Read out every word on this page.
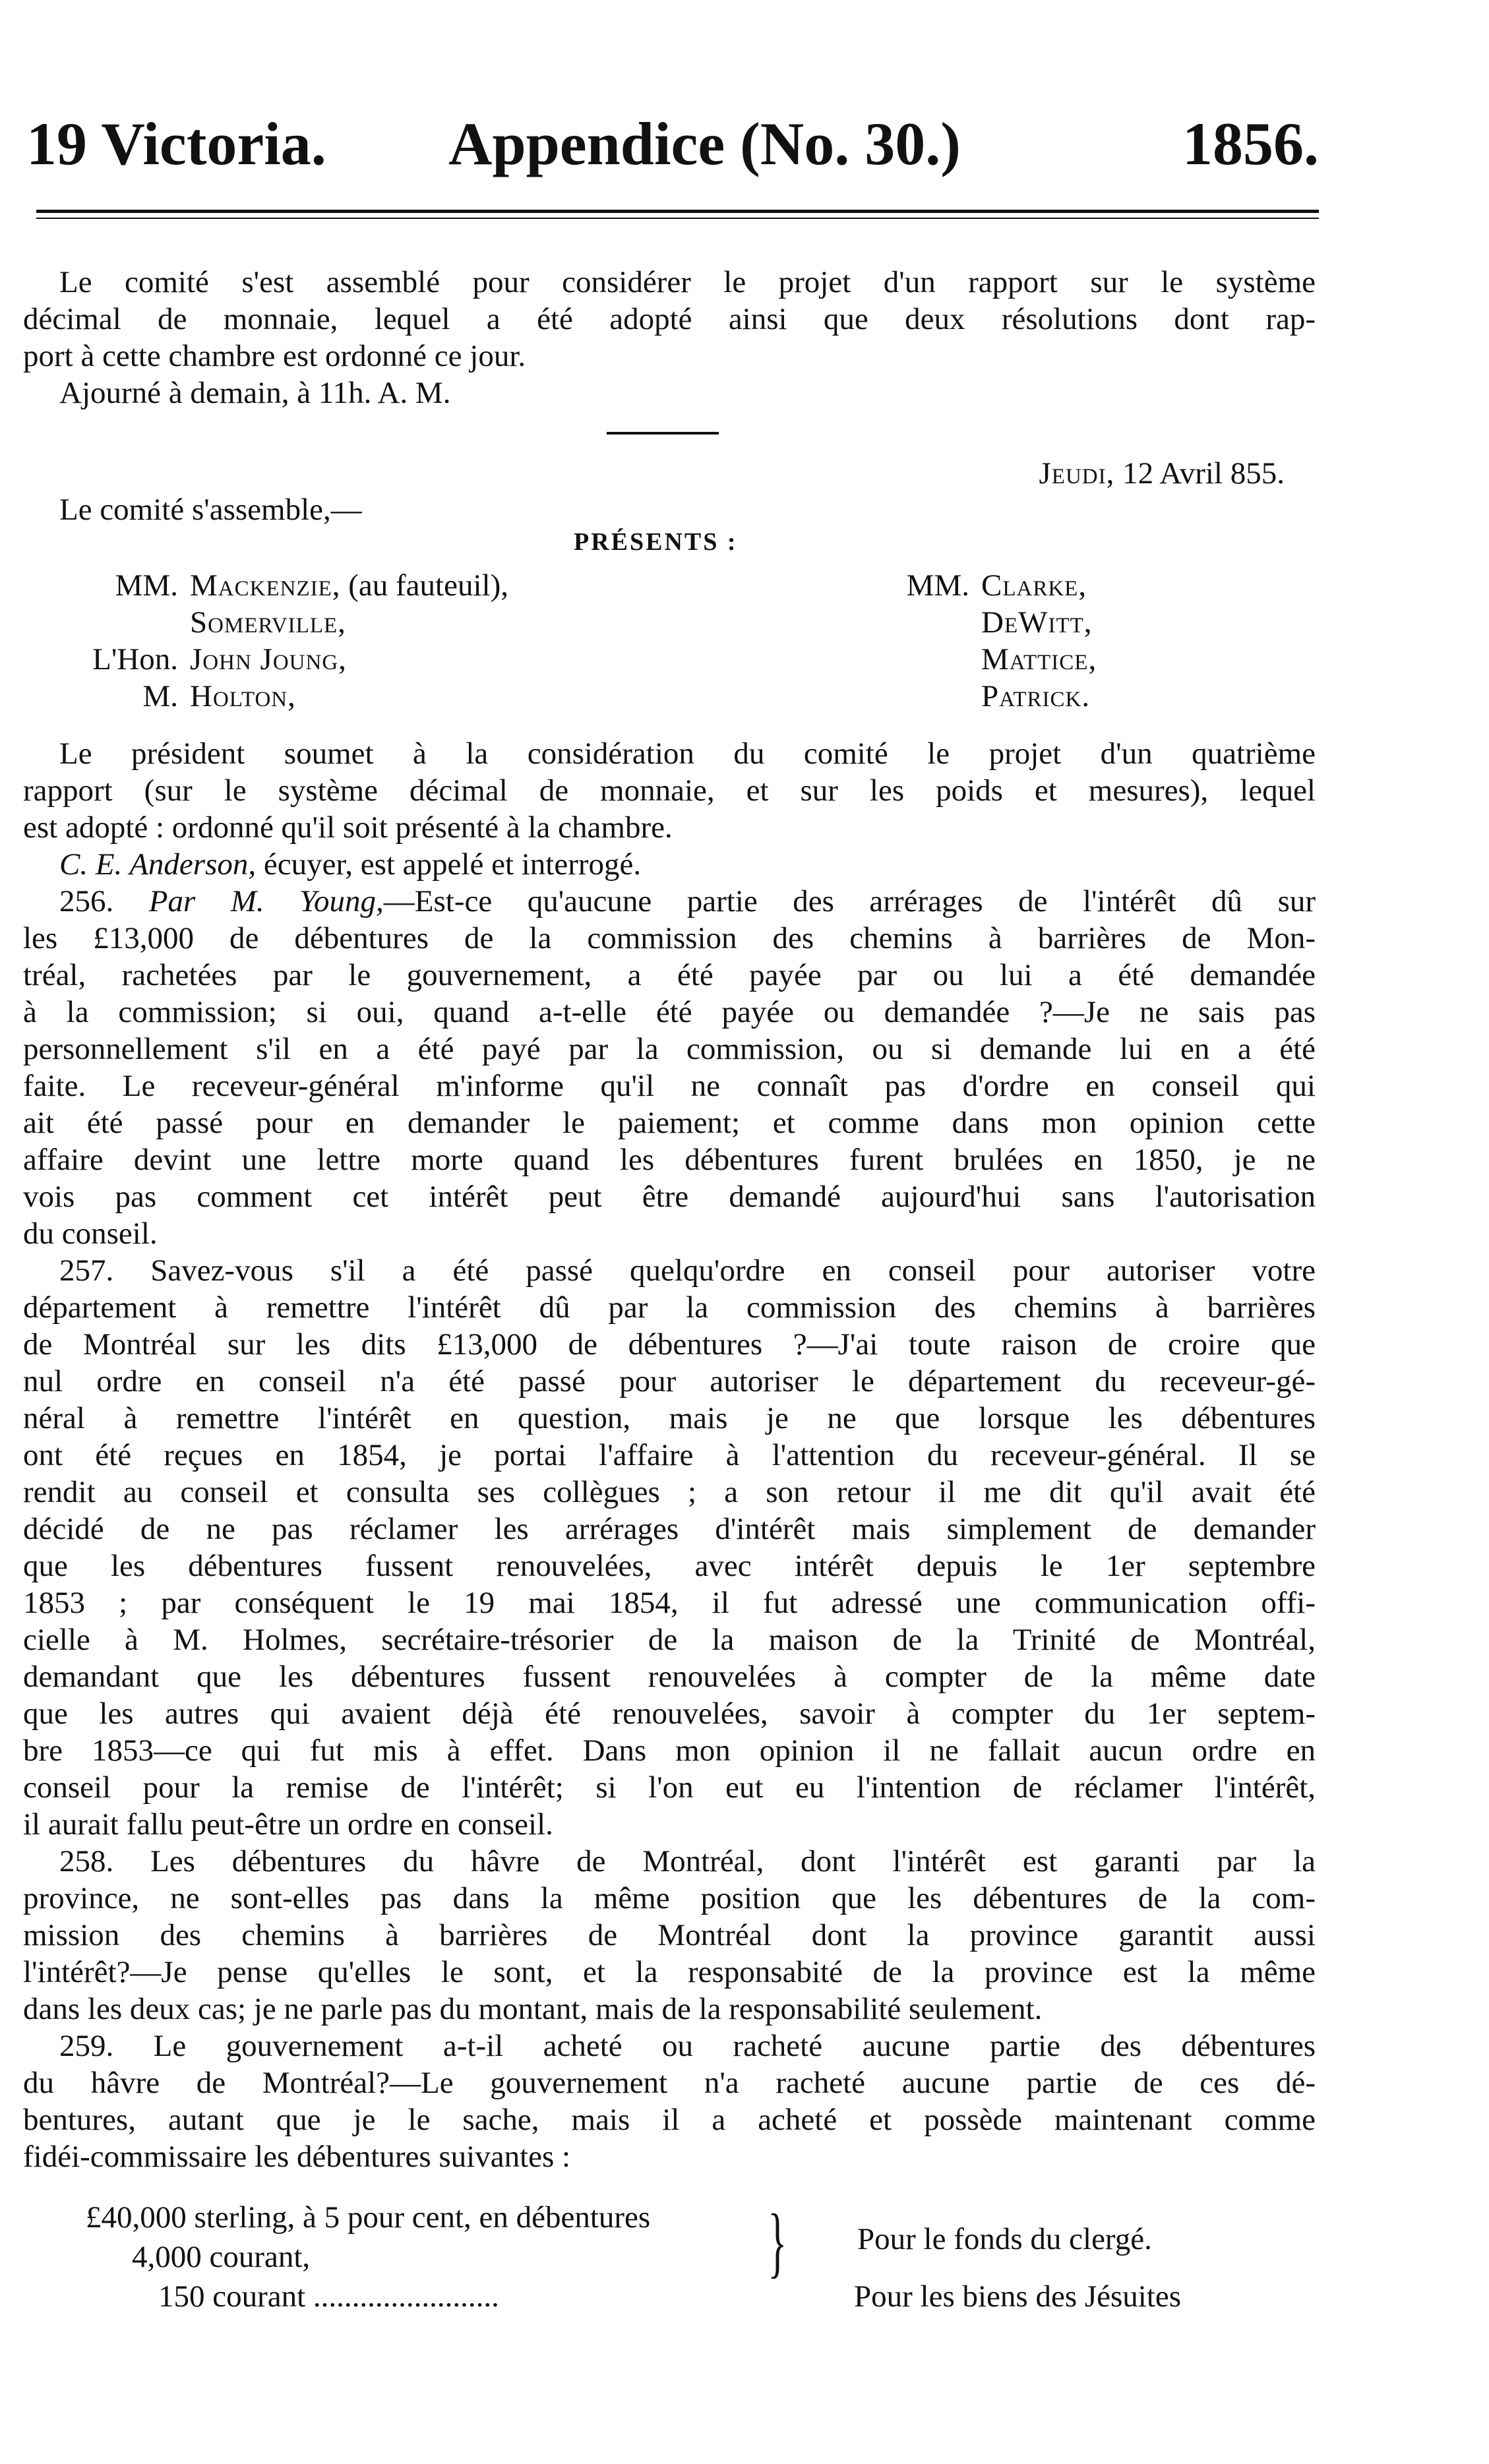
19 Victoria. Appendice (No. 30.)	1856.
Le comité s'est assemblé pour considérer le projet d'un rapport sur le système
décimal de monnaie, lequel a été adopté ainsi que deux résolutions dont rap-
port à cette chambre est ordonné ce jour.
Ajourné à demain, à 11h. A. M.
Jeudi, 12 Avril 855.
Le comité s'assemble,—
PRÉSENTS :
MM. Mackenzie, (au fauteuil),
Somerville,
L'Hon. John Joung,
M. Holton,
MM. Clarke,
DeWitt,
Mattice,
Patrick.
Le président soumet à la considération du comité le projet d'un quatrième
rapport (sur le système décimal de monnaie, et sur les poids et mesures), lequel
est adopté : ordonné qu'il soit présenté à la chambre.
C. E. Anderson, écuyer, est appelé et interrogé.
256. Par M. Young,—Est-ce qu'aucune partie des arrérages de l'intérêt dû sur
les £13,000 de débentures de la commission des chemins à barrières de Mon-
tréal, rachetées par le gouvernement, a été payée par ou lui a été demandée
à la commission; si oui, quand a-t-elle été payée ou demandée ?—Je ne sais pas
personnellement s'il en a été payé par la commission, ou si demande lui en a été
faite. Le receveur-général m'informe qu'il ne connaît pas d'ordre en conseil qui
ait été passé pour en demander le paiement; et comme dans mon opinion cette
affaire devint une lettre morte quand les débentures furent brulées en 1850, je ne
vois pas comment cet intérêt peut être demandé aujourd'hui sans l'autorisation
du conseil.
257. Savez-vous s'il a été passé quelqu'ordre en conseil pour autoriser votre
département à remettre l'intérêt dû par la commission des chemins à barrières
de Montréal sur les dits £13,000 de débentures ?—J'ai toute raison de croire que
nul ordre en conseil n'a été passé pour autoriser le département du receveur-gé-
néral à remettre l'intérêt en question, mais je ne que lorsque les débentures
ont été reçues en 1854, je portai l'affaire à l'attention du receveur-général. Il se
rendit au conseil et consulta ses collègues ; a son retour il me dit qu'il avait été
décidé de ne pas réclamer les arrérages d'intérêt mais simplement de demander
que les débentures fussent renouvelées, avec intérêt depuis le 1er septembre
1853 ; par conséquent le 19 mai 1854, il fut adressé une communication offi-
cielle à M. Holmes, secrétaire-trésorier de la maison de la Trinité de Montréal,
demandant que les débentures fussent renouvelées à compter de la même date
que les autres qui avaient déjà été renouvelées, savoir à compter du 1er septem-
bre 1853—ce qui fut mis à effet. Dans mon opinion il ne fallait aucun ordre en
conseil pour la remise de l'intérêt; si l'on eut eu l'intention de réclamer l'intérêt,
il aurait fallu peut-être un ordre en conseil.
258. Les débentures du hâvre de Montréal, dont l'intérêt est garanti par la
province, ne sont-elles pas dans la même position que les débentures de la com-
mission des chemins à barrières de Montréal dont la province garantit aussi
l'intérêt?—Je pense qu'elles le sont, et la responsabité de la province est la même
dans les deux cas; je ne parle pas du montant, mais de la responsabilité seulement.
259. Le gouvernement a-t-il acheté ou racheté aucune partie des débentures
du hâvre de Montréal?—Le gouvernement n'a racheté aucune partie de ces dé-
bentures, autant que je le sache, mais il a acheté et possède maintenant comme
fidéi-commissaire les débentures suivantes :
£40,000 sterling, à 5 pour cent, en débentures
4,000 courant,
150 courant ........................	Pour les biens des Jésuites
} Pour le fonds du clergé.
